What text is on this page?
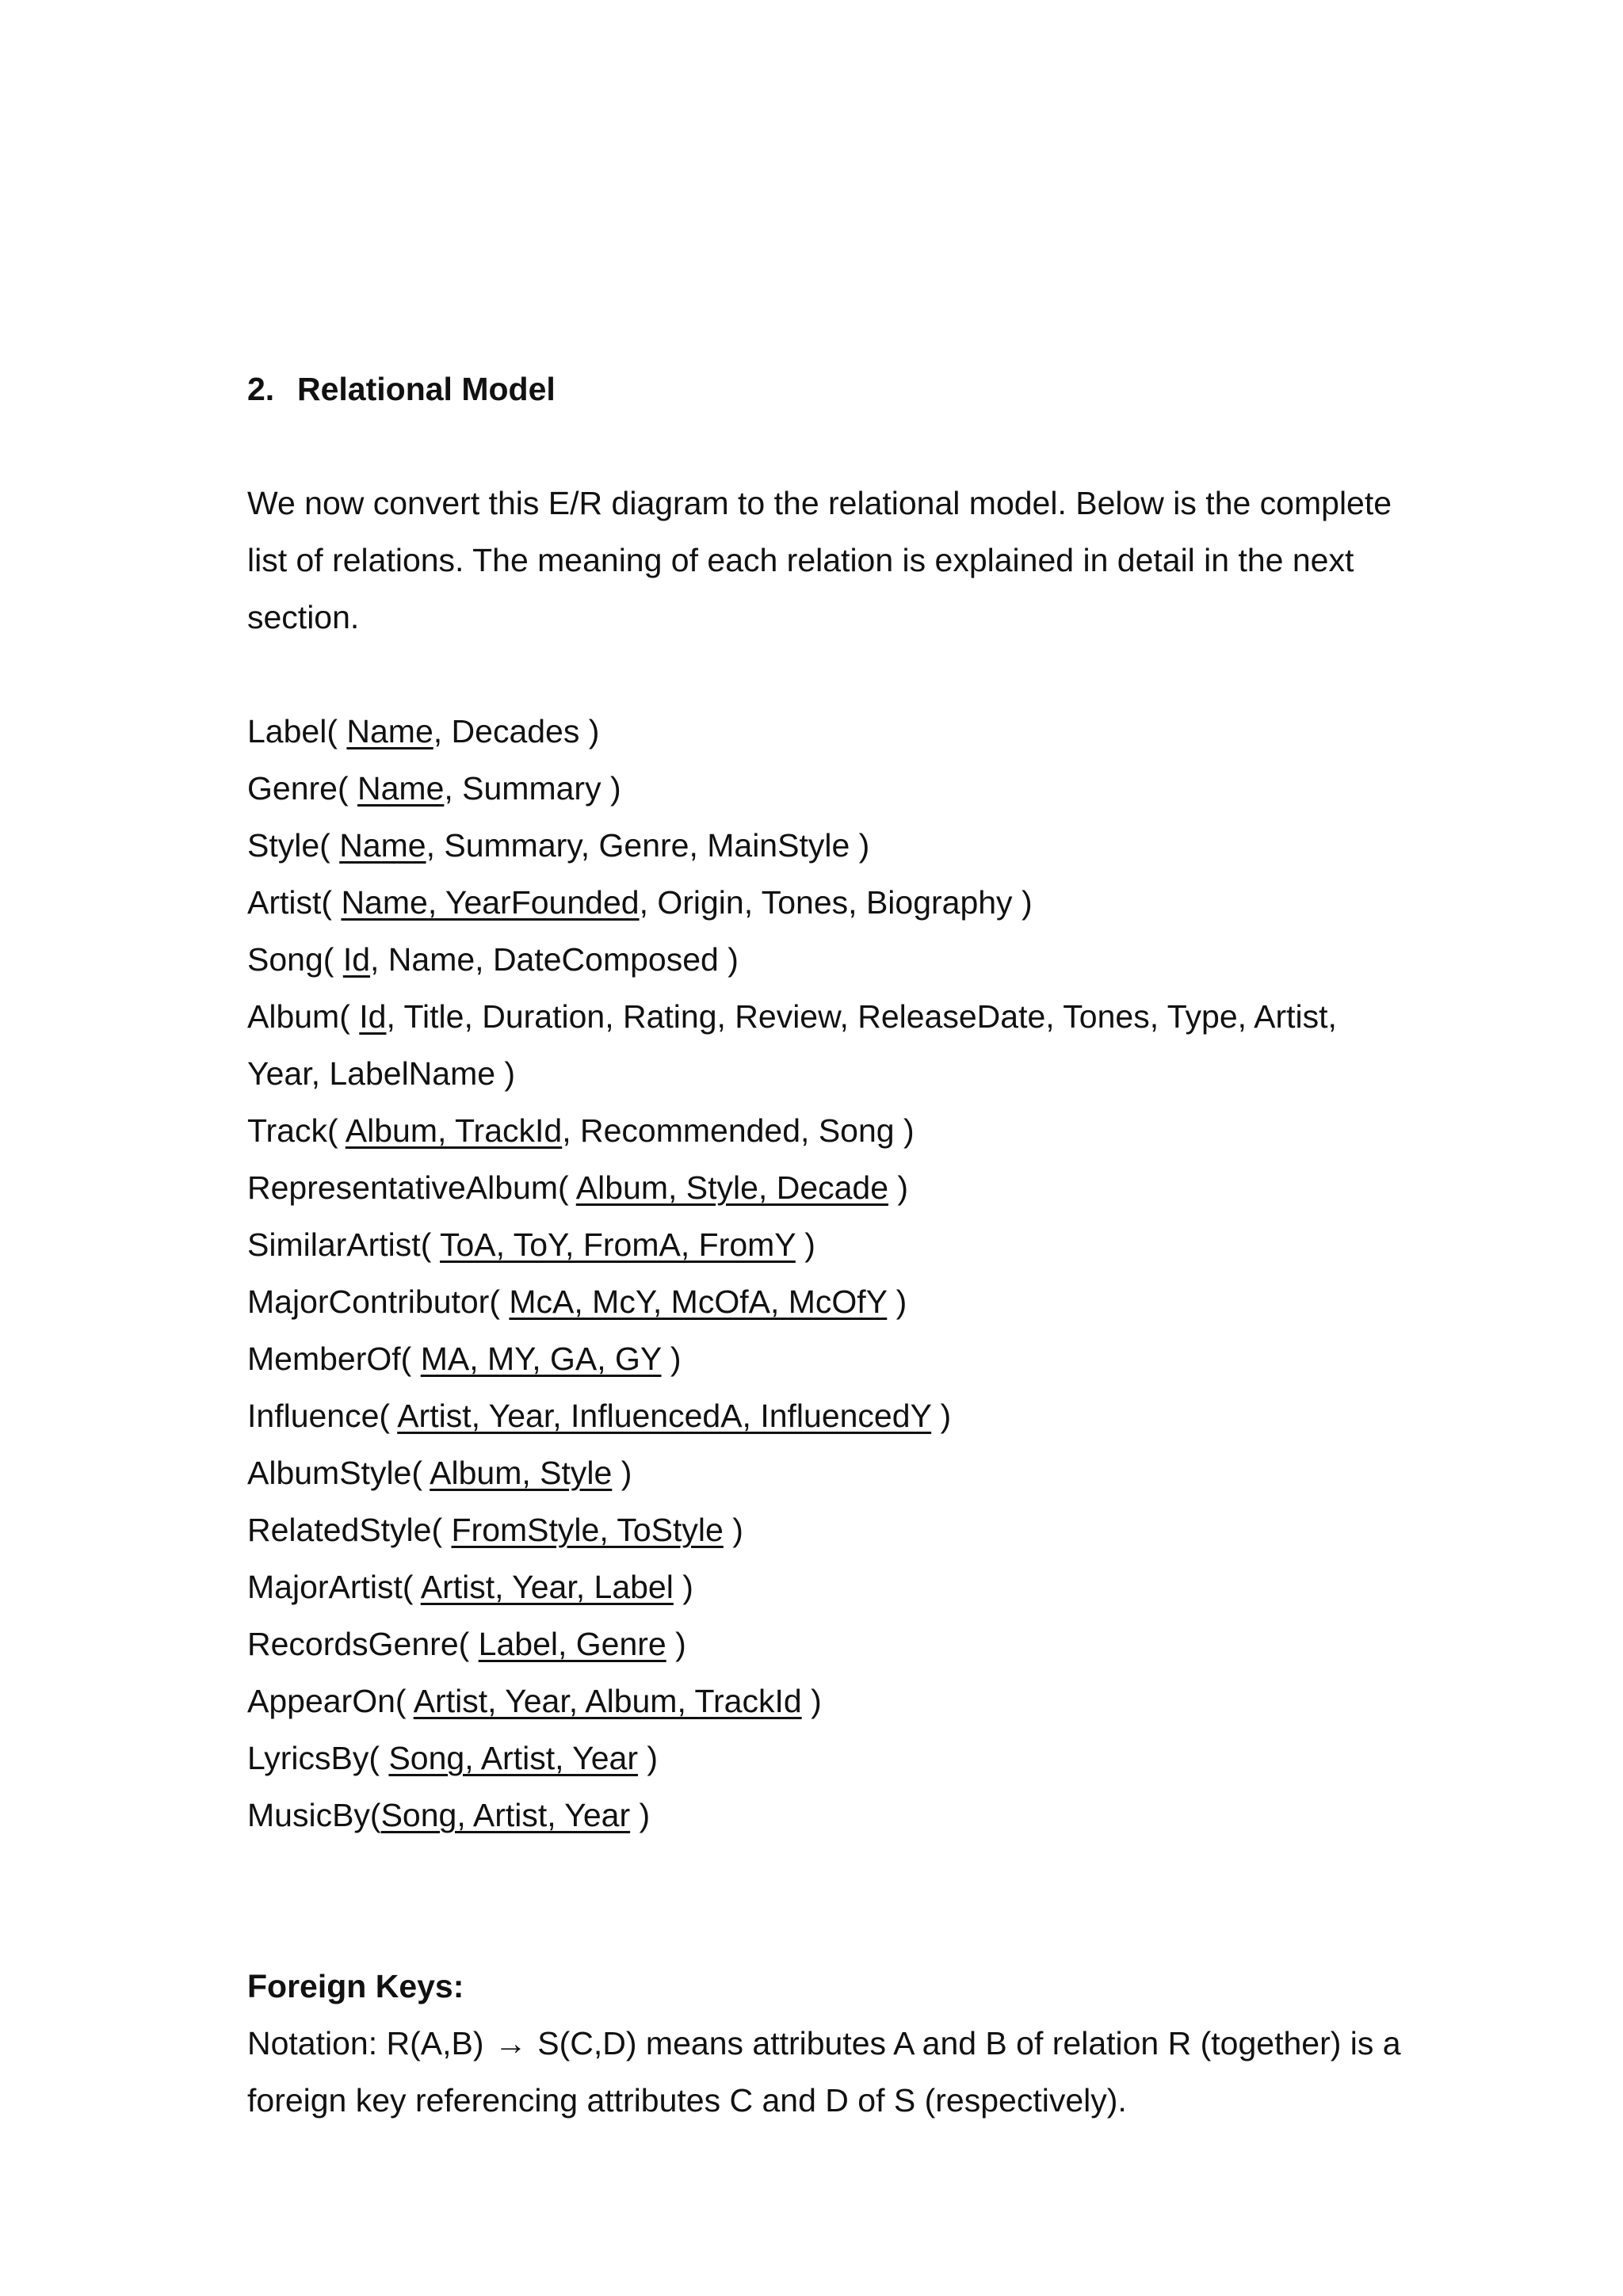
2. Relational Model
We now convert this E/R diagram to the relational model. Below is the complete
list of relations. The meaning of each relation is explained in detail in the next
section.
Label( Name, Decades )
Genre( Name, Summary )
Style( Name, Summary, Genre, MainStyle )
Artist( Name, YearFounded, Origin, Tones, Biography )
Song( Id, Name, DateComposed )
Album( Id, Title, Duration, Rating, Review, ReleaseDate, Tones, Type, Artist,
Year, LabelName )
Track( Album, TrackId, Recommended, Song )
RepresentativeAlbum( Album, Style, Decade )
SimilarArtist( ToA, ToY, FromA, FromY )
MajorContributor( McA, McY, McOfA, McOfY )
MemberOf( MA, MY, GA, GY )
Influence( Artist, Year, InfluencedA, InfluencedY )
AlbumStyle( Album, Style )
RelatedStyle( FromStyle, ToStyle )
MajorArtist( Artist, Year, Label )
RecordsGenre( Label, Genre )
AppearOn( Artist, Year, Album, TrackId )
LyricsBy( Song, Artist, Year )
MusicBy(Song, Artist, Year )
Foreign Keys:
Notation: R(A,B) → S(C,D) means attributes A and B of relation R (together) is a
foreign key referencing attributes C and D of S (respectively).
